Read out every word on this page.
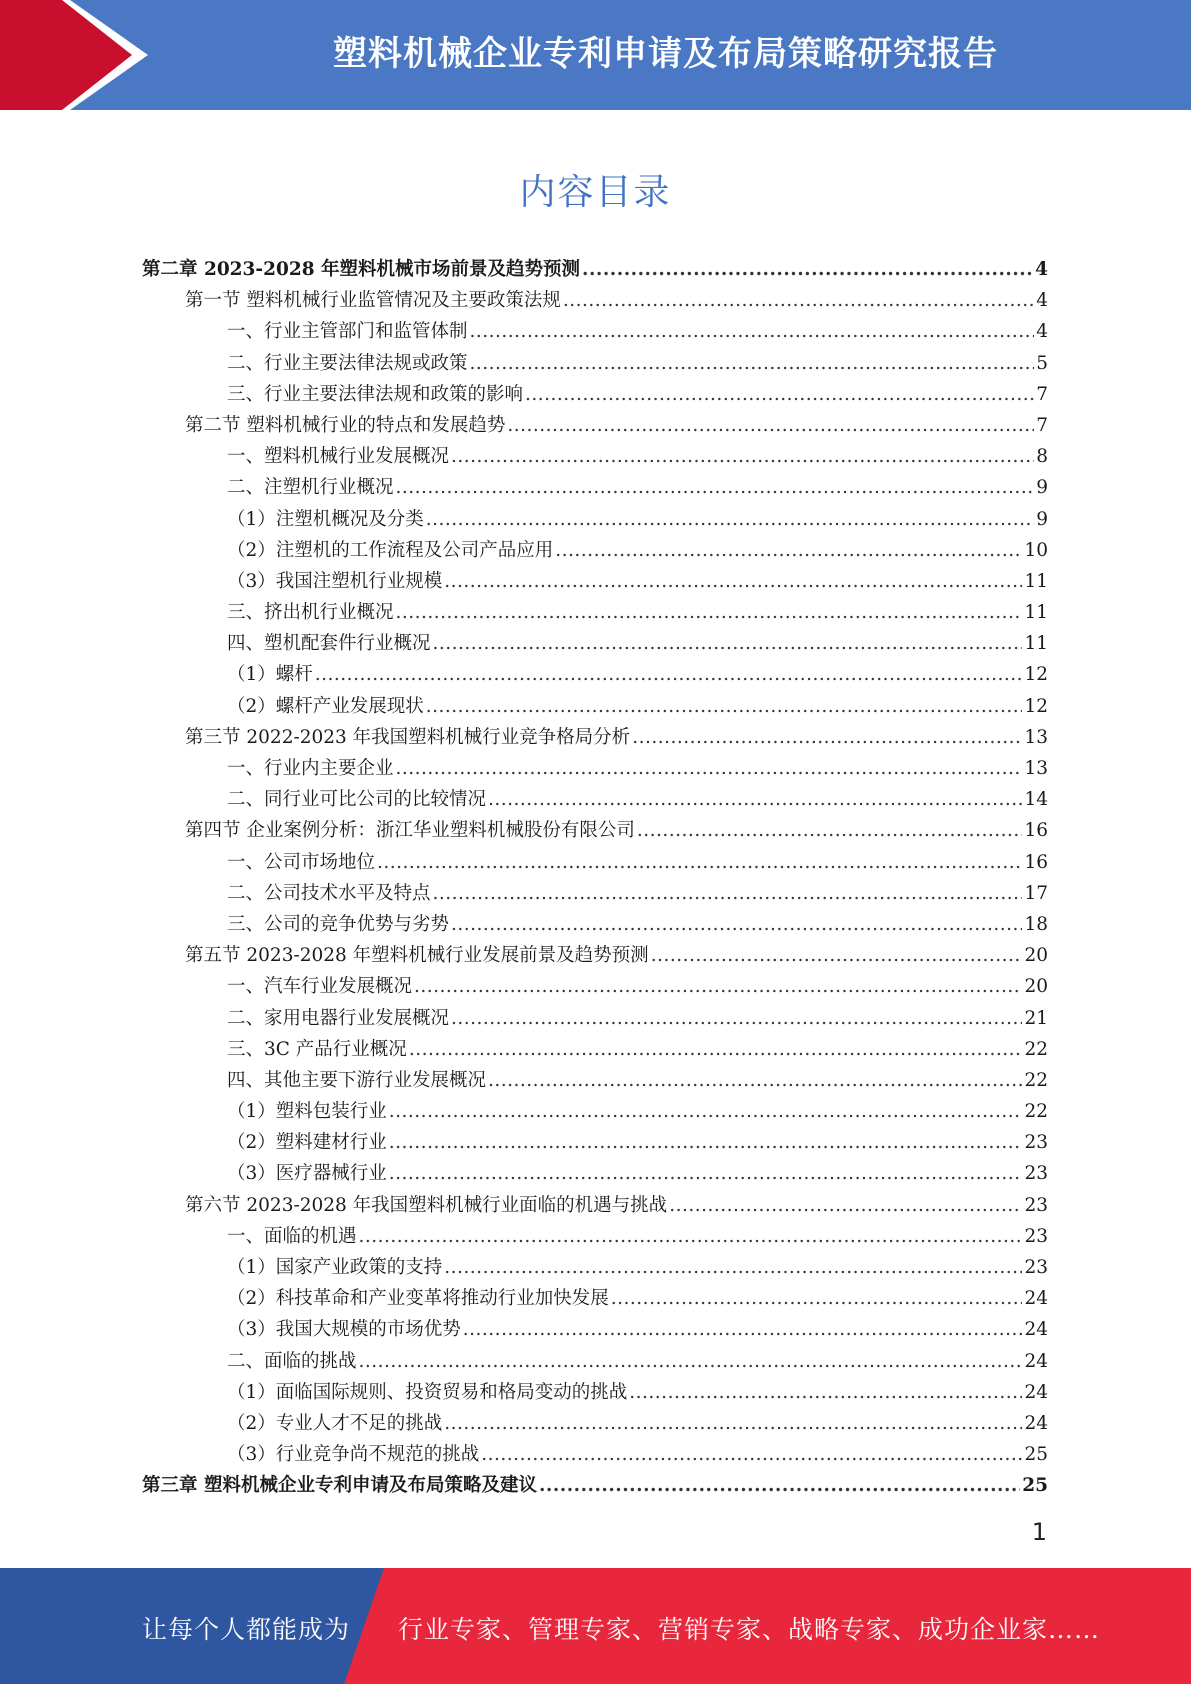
塑料机械企业专利申请及布局策略研究报告
内容目录
第二章 2023-2028 年塑料机械市场前景及趋势预测 .....	4
第一节 塑料机械行业监管情况及主要政策法规 .....	4
一、行业主管部门和监管体制 .....	4
二、行业主要法律法规或政策 .....	5
三、行业主要法律法规和政策的影响 .....	7
第二节 塑料机械行业的特点和发展趋势 .....	7
一、塑料机械行业发展概况 .....	8
二、注塑机行业概况 .....	9
（1）注塑机概况及分类 .....	9
（2）注塑机的工作流程及公司产品应用 .....	10
（3）我国注塑机行业规模 .....	11
三、挤出机行业概况 .....	11
四、塑机配套件行业概况 .....	11
（1）螺杆 .....	12
（2）螺杆产业发展现状 .....	12
第三节 2022-2023 年我国塑料机械行业竞争格局分析 .....	13
一、行业内主要企业 .....	13
二、同行业可比公司的比较情况 .....	14
第四节 企业案例分析：浙江华业塑料机械股份有限公司 .....	16
一、公司市场地位 .....	16
二、公司技术水平及特点 .....	17
三、公司的竞争优势与劣势 .....	18
第五节 2023-2028 年塑料机械行业发展前景及趋势预测 .....	20
一、汽车行业发展概况 .....	20
二、家用电器行业发展概况 .....	21
三、3C 产品行业概况 .....	22
四、其他主要下游行业发展概况 .....	22
（1）塑料包装行业 .....	22
（2）塑料建材行业 .....	23
（3）医疗器械行业 .....	23
第六节 2023-2028 年我国塑料机械行业面临的机遇与挑战 .....	23
一、面临的机遇 .....	23
（1）国家产业政策的支持 .....	23
（2）科技革命和产业变革将推动行业加快发展 .....	24
（3）我国大规模的市场优势 .....	24
二、面临的挑战 .....	24
（1）面临国际规则、投资贸易和格局变动的挑战 .....	24
（2）专业人才不足的挑战 .....	24
（3）行业竞争尚不规范的挑战 .....	25
第三章 塑料机械企业专利申请及布局策略及建议 .....	25
1
让每个人都能成为 行业专家、管理专家、营销专家、战略专家、成功企业家……
